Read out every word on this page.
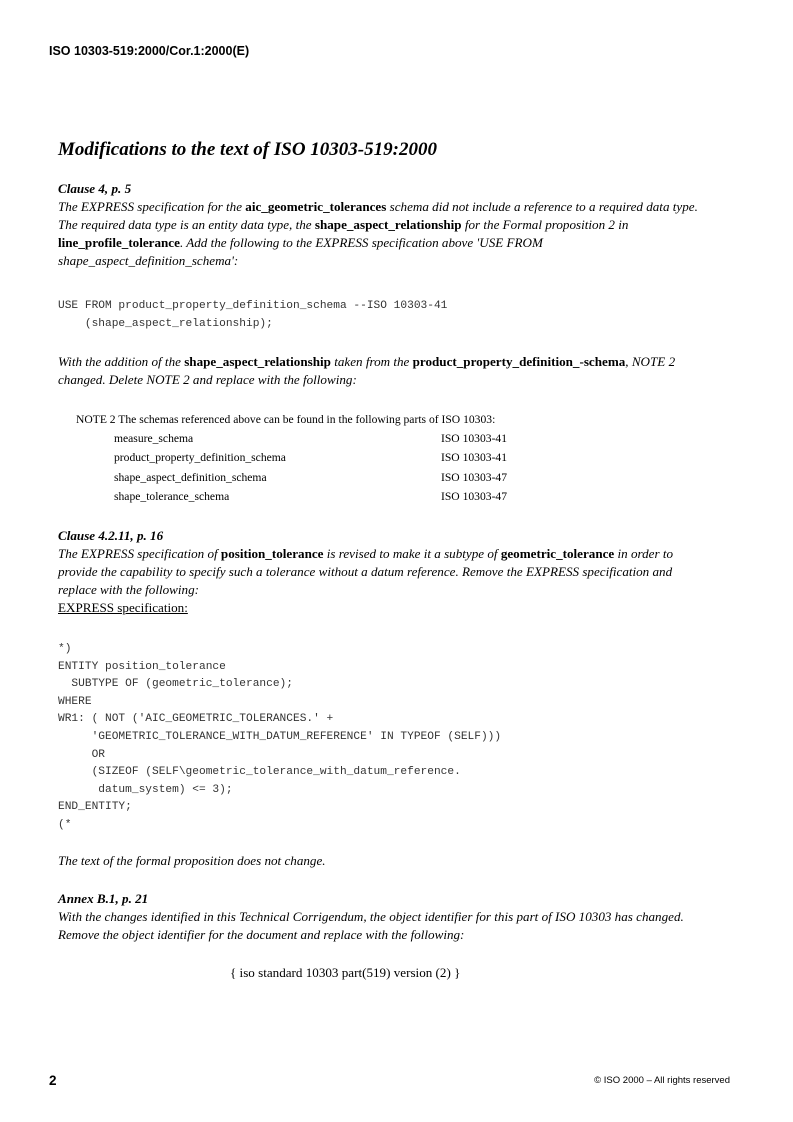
ISO 10303-519:2000/Cor.1:2000(E)
Modifications to the text of ISO 10303-519:2000
Clause 4, p. 5
The EXPRESS specification for the aic_geometric_tolerances schema did not include a reference to a required data type. The required data type is an entity data type, the shape_aspect_relationship for the Formal proposition 2 in line_profile_tolerance. Add the following to the EXPRESS specification above 'USE FROM shape_aspect_definition_schema':
USE FROM product_property_definition_schema --ISO 10303-41
(shape_aspect_relationship);
With the addition of the shape_aspect_relationship taken from the product_property_definition_-schema, NOTE 2 changed. Delete NOTE 2 and replace with the following:
NOTE 2 The schemas referenced above can be found in the following parts of ISO 10303:
measure_schema	ISO 10303-41
product_property_definition_schema	ISO 10303-41
shape_aspect_definition_schema	ISO 10303-47
shape_tolerance_schema	ISO 10303-47
Clause 4.2.11, p. 16
The EXPRESS specification of position_tolerance is revised to make it a subtype of geometric_tolerance in order to provide the capability to specify such a tolerance without a datum reference. Remove the EXPRESS specification and replace with the following:
EXPRESS specification:
*)
ENTITY position_tolerance
SUBTYPE OF (geometric_tolerance);
WHERE
WR1: ( NOT ('AIC_GEOMETRIC_TOLERANCES.' +
'GEOMETRIC_TOLERANCE_WITH_DATUM_REFERENCE' IN TYPEOF (SELF)))
OR
(SIZEOF (SELF\geometric_tolerance_with_datum_reference.
datum_system) <= 3);
END_ENTITY;
(*
The text of the formal proposition does not change.
Annex B.1, p. 21
With the changes identified in this Technical Corrigendum, the object identifier for this part of ISO 10303 has changed. Remove the object identifier for the document and replace with the following:
{ iso standard 10303 part(519) version (2) }
2	© ISO 2000 – All rights reserved
